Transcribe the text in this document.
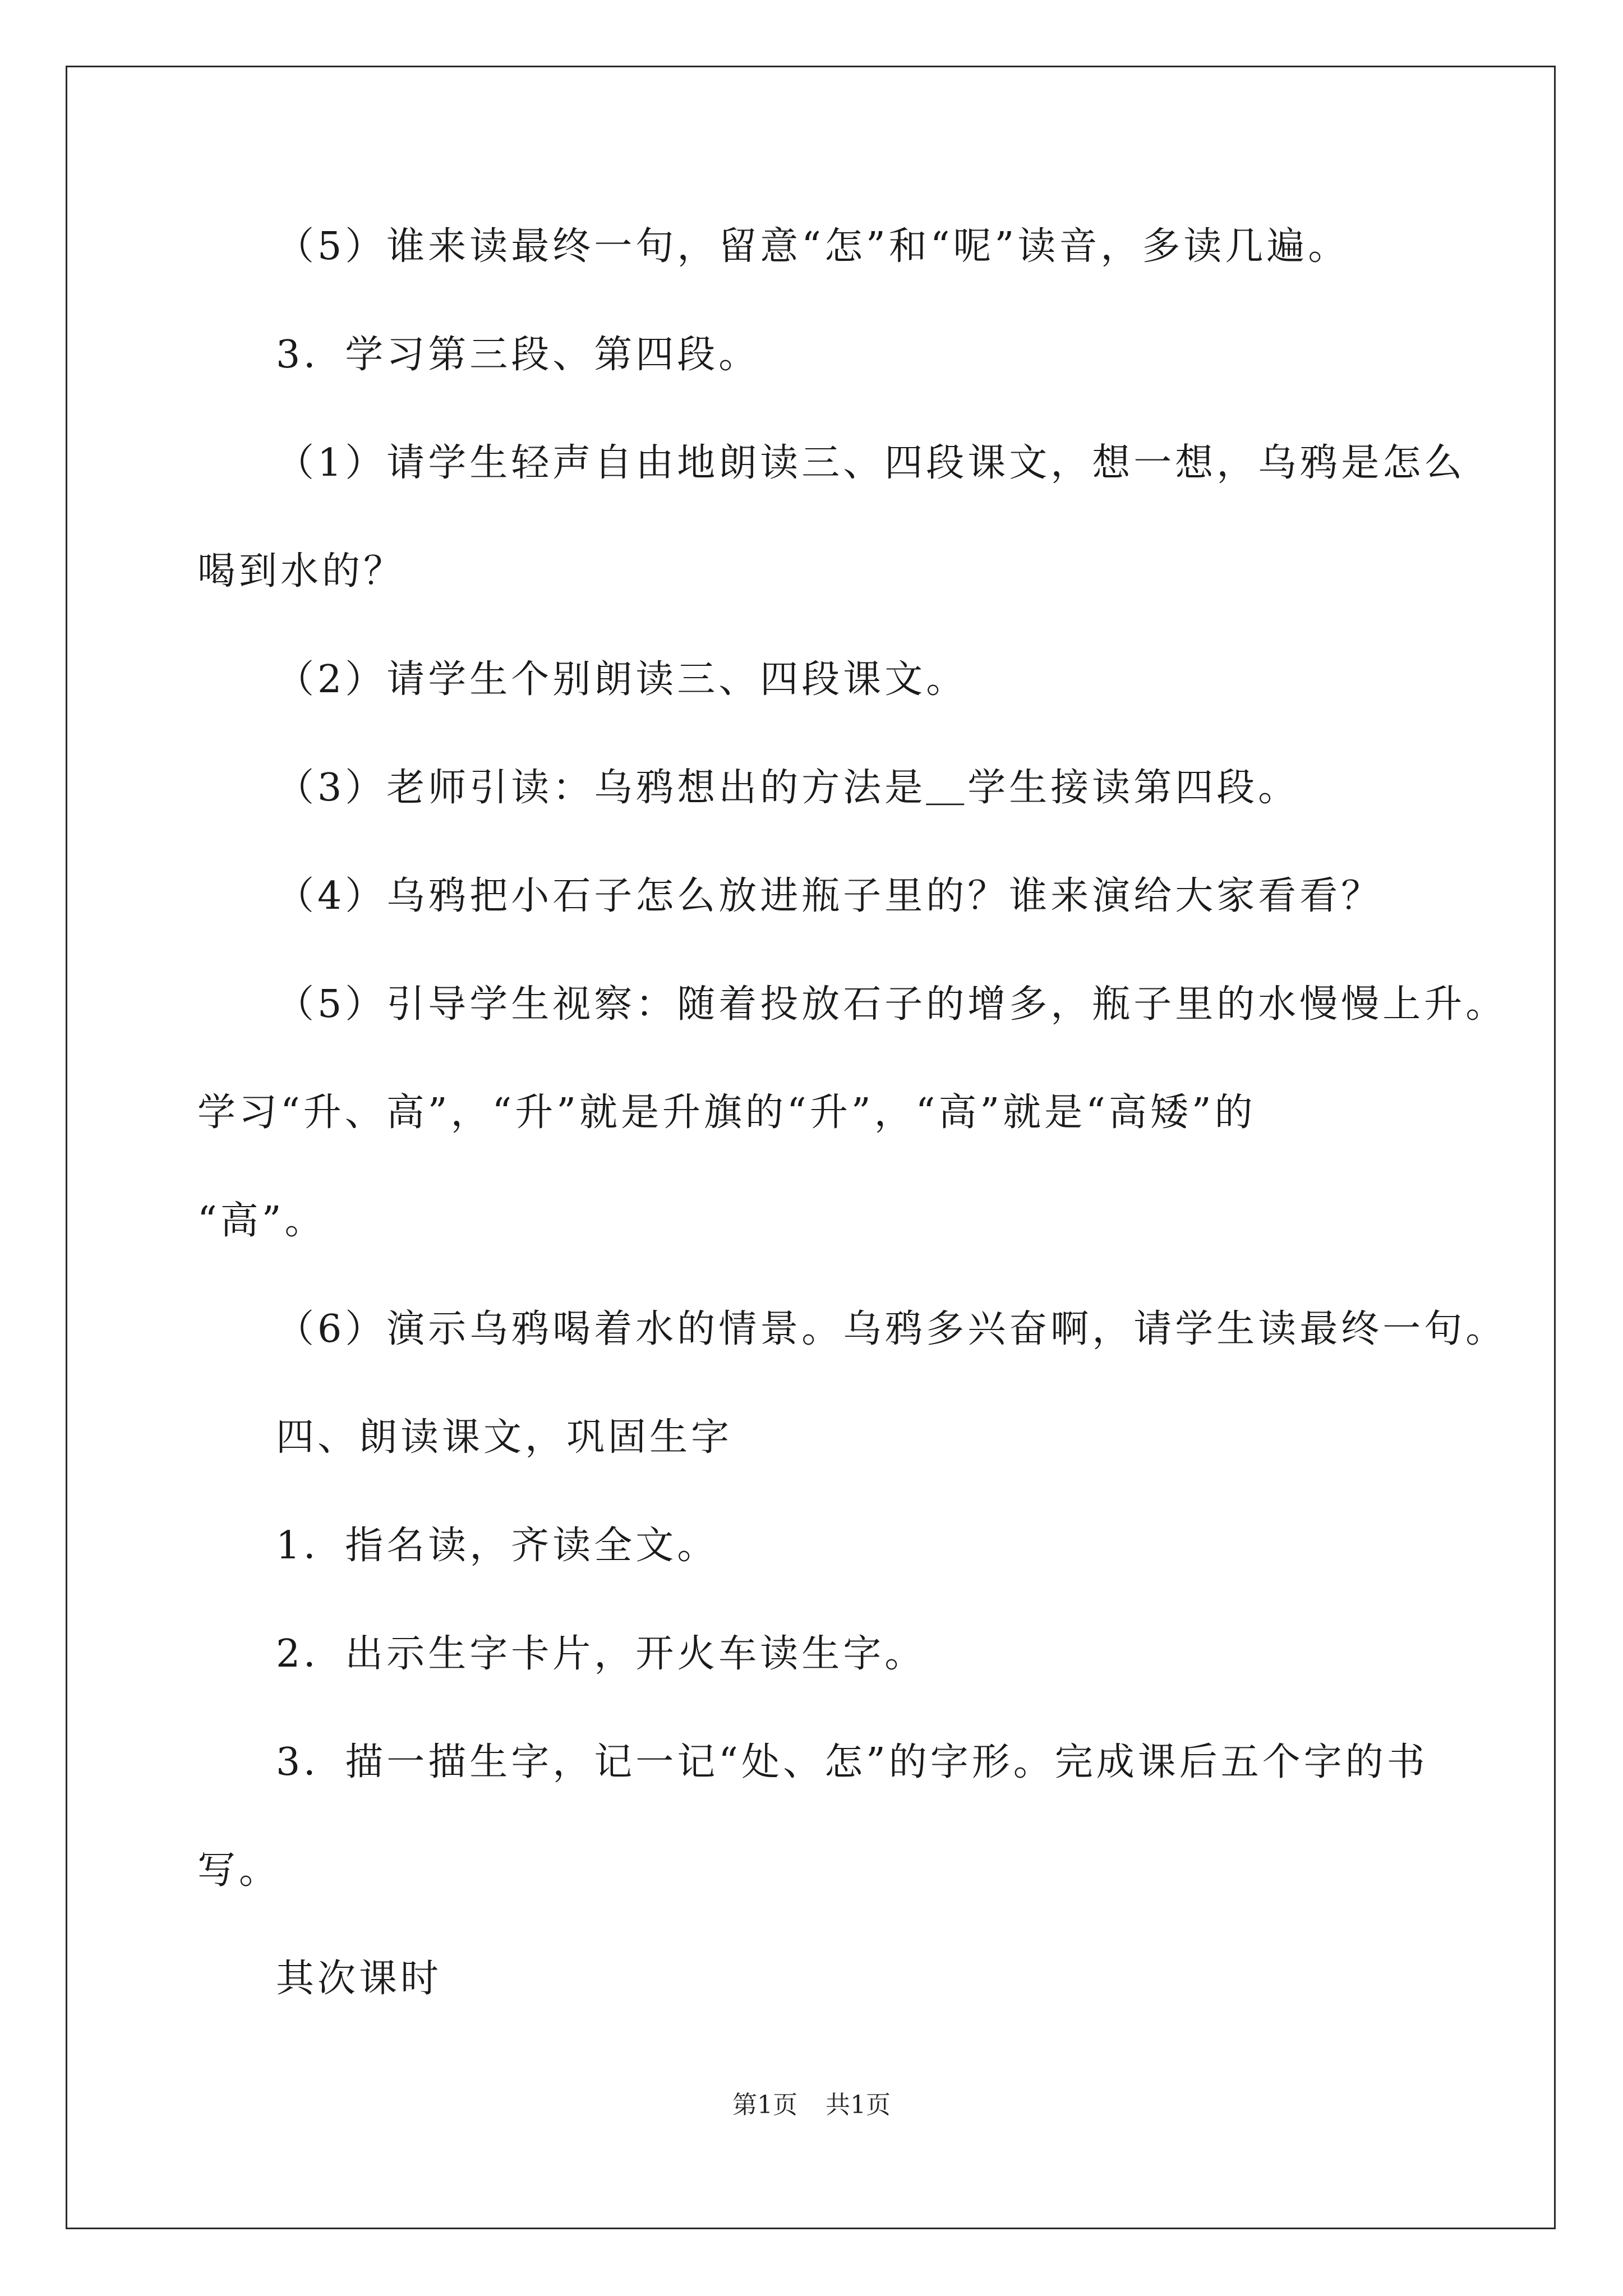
（5）谁来读最终一句，留意“怎”和“呢”读音，多读几遍。
3．学习第三段、第四段。
（1）请学生轻声自由地朗读三、四段课文，想一想，乌鸦是怎么
喝到水的？
（2）请学生个别朗读三、四段课文。
（3）老师引读：乌鸦想出的方法是＿学生接读第四段。
（4）乌鸦把小石子怎么放进瓶子里的？谁来演给大家看看？
（5）引导学生视察：随着投放石子的增多，瓶子里的水慢慢上升。
学习“升、高”，“升”就是升旗的“升”，“高”就是“高矮”的
“高”。
（6）演示乌鸦喝着水的情景。乌鸦多兴奋啊，请学生读最终一句。
四、朗读课文，巩固生字
1．指名读，齐读全文。
2．出示生字卡片，开火车读生字。
3．描一描生字，记一记“处、怎”的字形。完成课后五个字的书
写。
其次课时
第1页 共1页
